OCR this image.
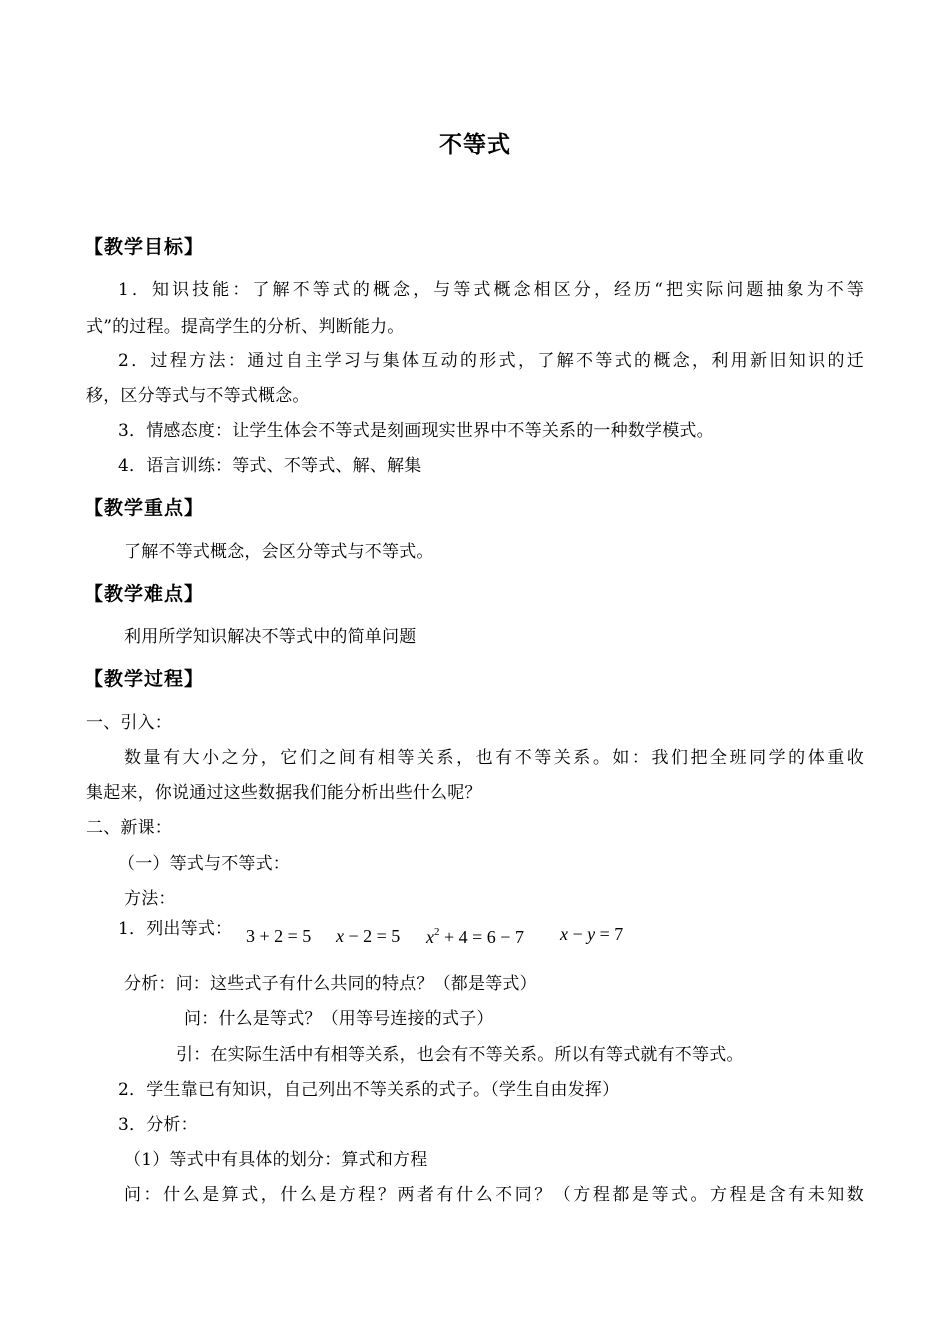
不等式
【教学目标】
1．知识技能：了解不等式的概念，与等式概念相区分，经历“把实际问题抽象为不等
式”的过程。提高学生的分析、判断能力。
2．过程方法：通过自主学习与集体互动的形式，了解不等式的概念，利用新旧知识的迁
移，区分等式与不等式概念。
3．情感态度：让学生体会不等式是刻画现实世界中不等关系的一种数学模式。
4．语言训练：等式、不等式、解、解集
【教学重点】
了解不等式概念，会区分等式与不等式。
【教学难点】
利用所学知识解决不等式中的简单问题
【教学过程】
一、引入：
数量有大小之分，它们之间有相等关系，也有不等关系。如：我们把全班同学的体重收
集起来，你说通过这些数据我们能分析出些什么呢？
二、新课：
（一）等式与不等式：
方法：
1．列出等式： 3 + 2 = 5 x − 2 = 5 $x^2 + 4 = 6 - 7$ x − y = 7
分析：问：这些式子有什么共同的特点？（都是等式）
问：什么是等式？（用等号连接的式子）
引：在实际生活中有相等关系，也会有不等关系。所以有等式就有不等式。
2．学生靠已有知识，自己列出不等关系的式子。（学生自由发挥）
3．分析：
（1）等式中有具体的划分：算式和方程
问：什么是算式，什么是方程？两者有什么不同？（方程都是等式。方程是含有未知数
